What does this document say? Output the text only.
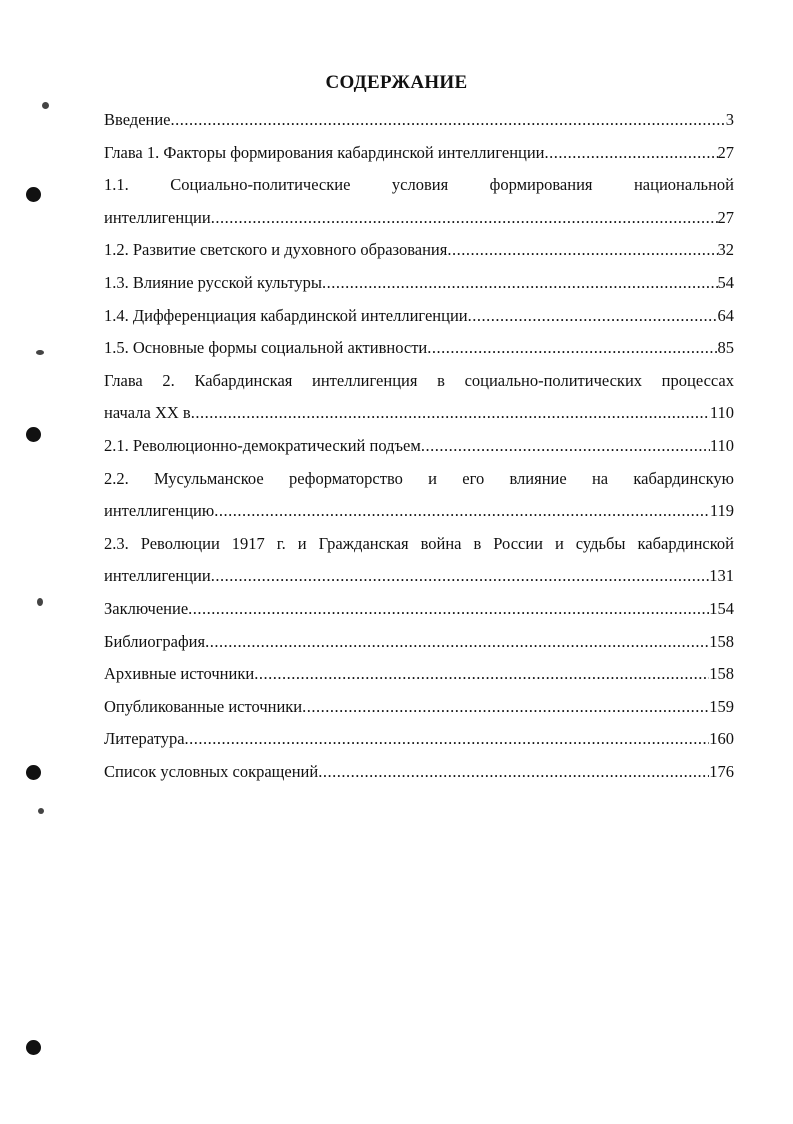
СОДЕРЖАНИЕ
Введение .....	3
Глава 1. Факторы формирования кабардинской интеллигенции .....	27
1.1. Социально-политические условия формирования национальной
интеллигенции .....	27
1.2. Развитие светского и духовного образования .....	32
1.3. Влияние русской культуры .....	54
1.4. Дифференциация кабардинской интеллигенции .....	64
1.5. Основные формы социальной активности .....	85
Глава 2. Кабардинская интеллигенция в социально-политических процессах
начала XX в .....	110
2.1. Революционно-демократический подъем .....	110
2.2. Мусульманское реформаторство и его влияние на кабардинскую
интеллигенцию .....	119
2.3. Революции 1917 г. и Гражданская война в России и судьбы кабардинской
интеллигенции .....	131
Заключение .....	154
Библиография .....	158
Архивные источники .....	158
Опубликованные источники .....	159
Литература .....	160
Список условных сокращений .....	176
